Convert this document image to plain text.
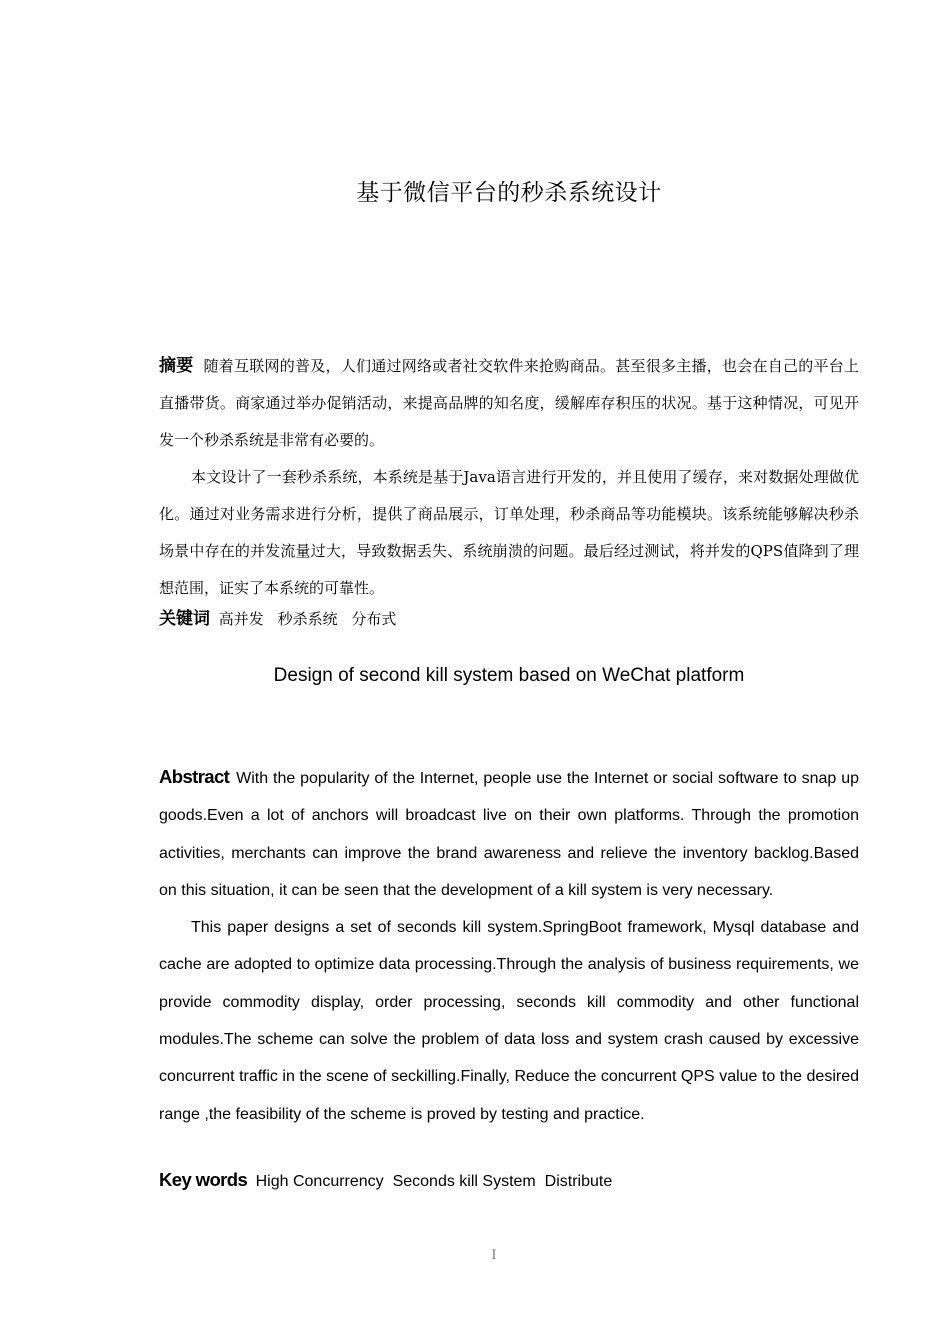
基于微信平台的秒杀系统设计

摘要 随着互联网的普及，人们通过网络或者社交软件来抢购商品。甚至很多主播，也会在自己的平台上直播带货。商家通过举办促销活动，来提高品牌的知名度，缓解库存积压的状况。基于这种情况，可见开发一个秒杀系统是非常有必要的。

本文设计了一套秒杀系统，本系统是基于Java语言进行开发的，并且使用了缓存，来对数据处理做优化。通过对业务需求进行分析，提供了商品展示，订单处理，秒杀商品等功能模块。该系统能够解决秒杀场景中存在的并发流量过大，导致数据丢失、系统崩溃的问题。最后经过测试，将并发的QPS值降到了理想范围，证实了本系统的可靠性。

关键词 高并发 秒杀系统 分布式
Design of second kill system based on WeChat platform

Abstract With the popularity of the Internet, people use the Internet or social software to snap up goods.Even a lot of anchors will broadcast live on their own platforms. Through the promotion activities, merchants can improve the brand awareness and relieve the inventory backlog.Based on this situation, it can be seen that the development of a kill system is very necessary.

This paper designs a set of seconds kill system.SpringBoot framework, Mysql database and cache are adopted to optimize data processing.Through the analysis of business requirements, we provide commodity display, order processing, seconds kill commodity and other functional modules.The scheme can solve the problem of data loss and system crash caused by excessive concurrent traffic in the scene of seckilling.Finally, Reduce the concurrent QPS value to the desired range ,the feasibility of the scheme is proved by testing and practice.

Key words High Concurrency Seconds kill System Distribute
I
